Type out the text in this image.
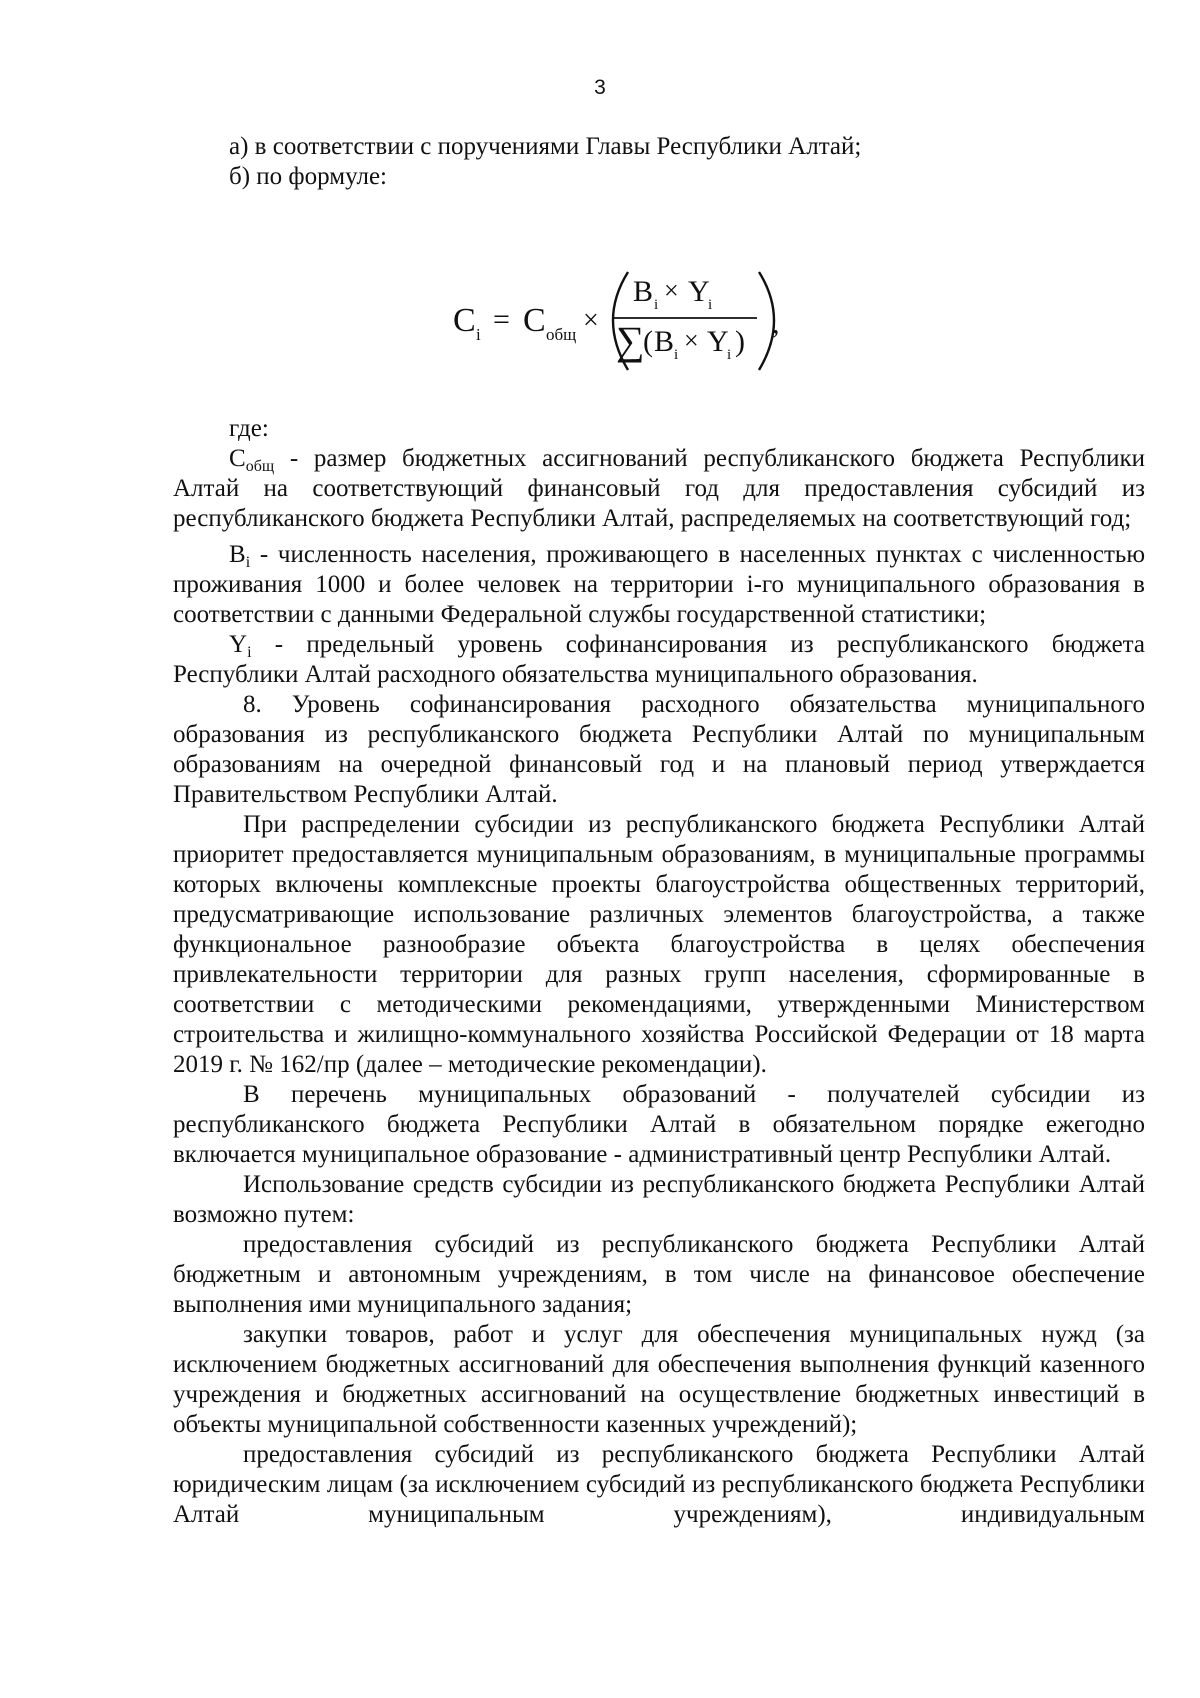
3

а) в соответствии с поручениями Главы Республики Алтай;

б) по формуле:

C i = C общ ×
B i × Y
i
∑
( B i × Y
i )
,

где:

$C_{общ}$ - размер бюджетных ассигнований республиканского бюджета Республики Алтай на соответствующий финансовый год для предоставления субсидий из республиканского бюджета Республики Алтай, распределяемых на соответствующий год;

$B_i$ - численность населения, проживающего в населенных пунктах с численностью проживания 1000 и более человек на территории i-го муниципального образования в соответствии с данными Федеральной службы государственной статистики;

$Y_i$ - предельный уровень софинансирования из республиканского бюджета Республики Алтай расходного обязательства муниципального образования.

8. Уровень софинансирования расходного обязательства муниципального образования из республиканского бюджета Республики Алтай по муниципальным образованиям на очередной финансовый год и на плановый период утверждается Правительством Республики Алтай.

При распределении субсидии из республиканского бюджета Республики Алтай приоритет предоставляется муниципальным образованиям, в муниципальные программы которых включены комплексные проекты благоустройства общественных территорий, предусматривающие использование различных элементов благоустройства, а также функциональное разнообразие объекта благоустройства в целях обеспечения привлекательности территории для разных групп населения, сформированные в соответствии с методическими рекомендациями, утвержденными Министерством строительства и жилищно-коммунального хозяйства Российской Федерации от 18 марта 2019 г. № 162/пр (далее – методические рекомендации).

В перечень муниципальных образований - получателей субсидии из республиканского бюджета Республики Алтай в обязательном порядке ежегодно включается муниципальное образование - административный центр Республики Алтай.

Использование средств субсидии из республиканского бюджета Республики Алтай возможно путем:

предоставления субсидий из республиканского бюджета Республики Алтай бюджетным и автономным учреждениям, в том числе на финансовое обеспечение выполнения ими муниципального задания;

закупки товаров, работ и услуг для обеспечения муниципальных нужд (за исключением бюджетных ассигнований для обеспечения выполнения функций казенного учреждения и бюджетных ассигнований на осуществление бюджетных инвестиций в объекты муниципальной собственности казенных учреждений);

предоставления субсидий из республиканского бюджета Республики Алтай юридическим лицам (за исключением субсидий из республиканского бюджета Республики Алтай муниципальным учреждениям), индивидуальным
